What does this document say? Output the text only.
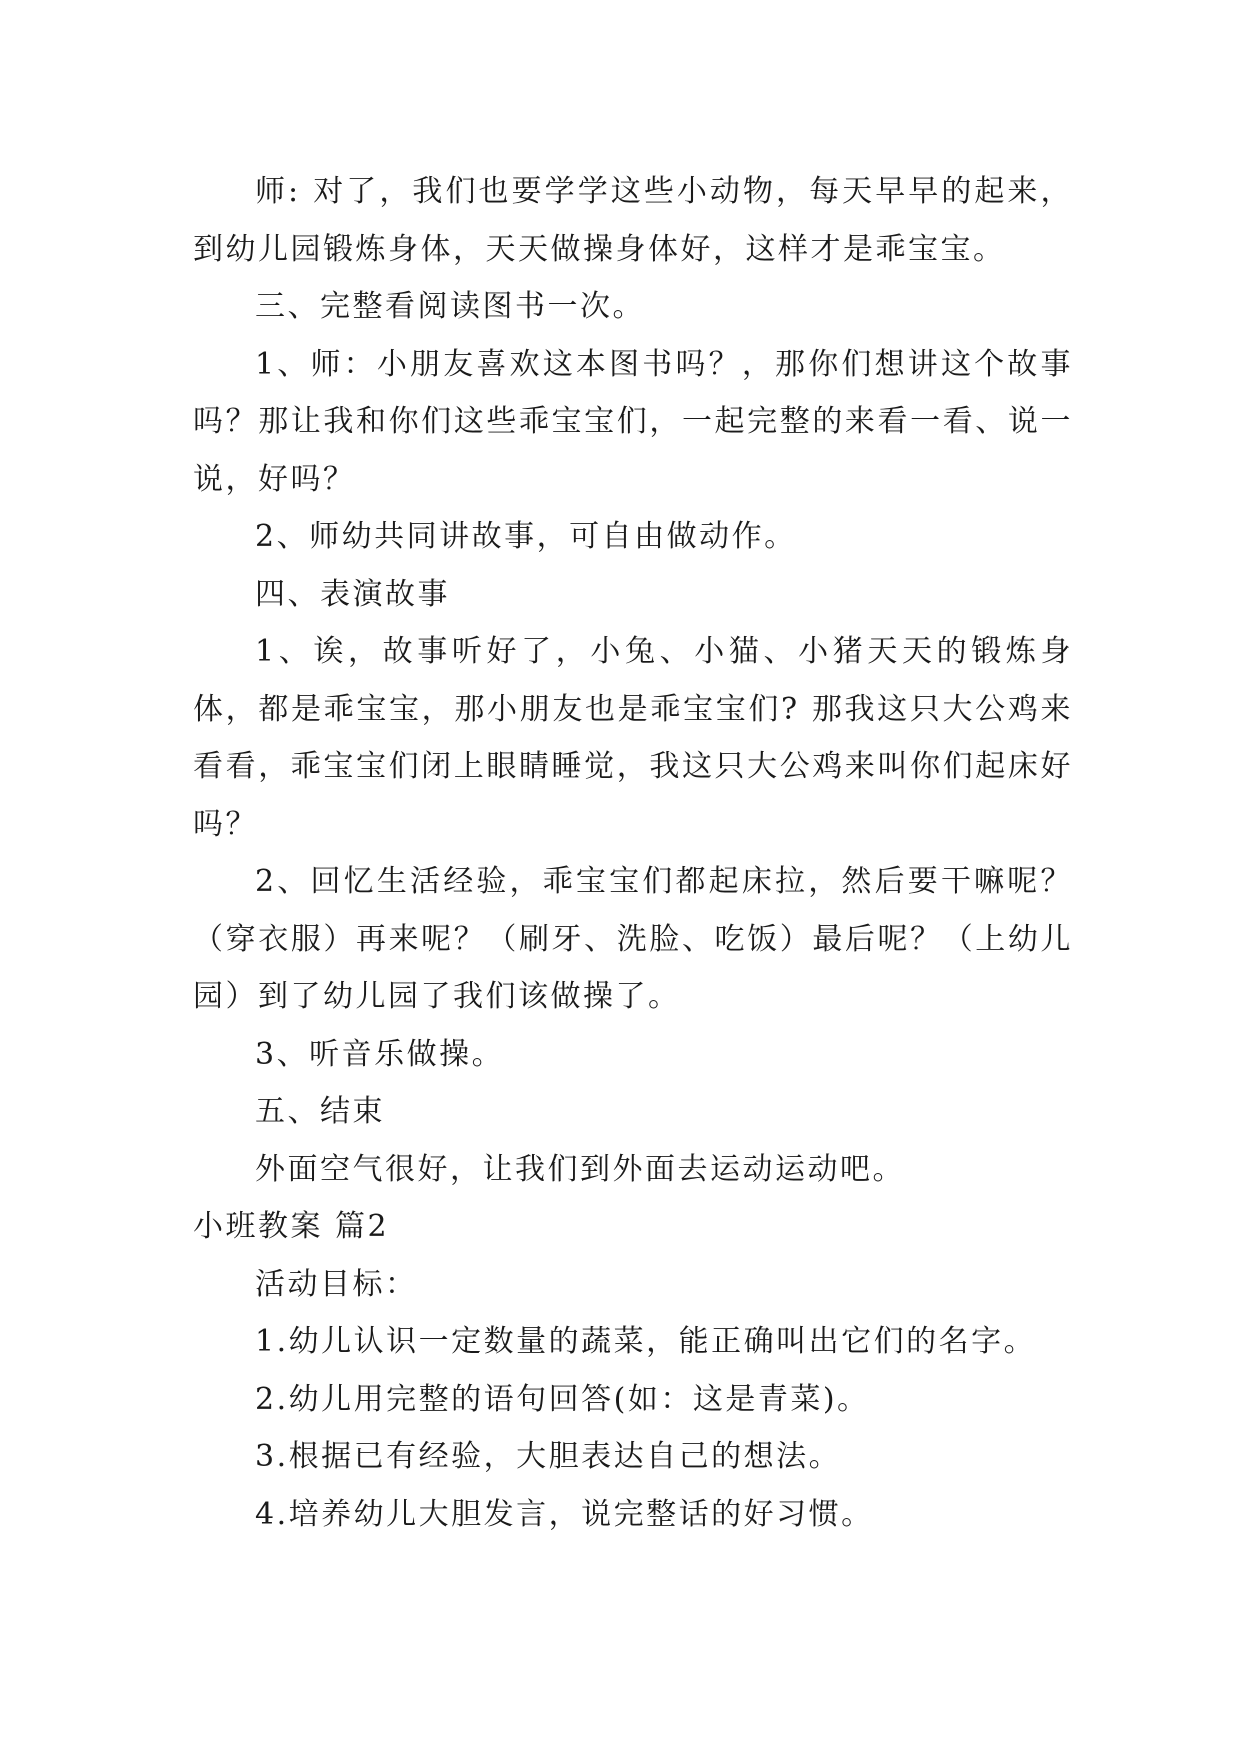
师: 对了，我们也要学学这些小动物，每天早早的起来，到幼儿园锻炼身体，天天做操身体好，这样才是乖宝宝。

三、完整看阅读图书一次。

1、师：小朋友喜欢这本图书吗？，那你们想讲这个故事吗？那让我和你们这些乖宝宝们，一起完整的来看一看、说一说，好吗？

2、师幼共同讲故事，可自由做动作。

四、表演故事

1、诶，故事听好了，小兔、小猫、小猪天天的锻炼身体，都是乖宝宝，那小朋友也是乖宝宝们? 那我这只大公鸡来看看，乖宝宝们闭上眼睛睡觉，我这只大公鸡来叫你们起床好吗？

2、回忆生活经验，乖宝宝们都起床拉，然后要干嘛呢？（穿衣服）再来呢？（刷牙、洗脸、吃饭）最后呢？（上幼儿园）到了幼儿园了我们该做操了。

3、听音乐做操。

五、结束

外面空气很好，让我们到外面去运动运动吧。

小班教案 篇2

活动目标：

1.幼儿认识一定数量的蔬菜，能正确叫出它们的名字。

2.幼儿用完整的语句回答(如：这是青菜)。

3.根据已有经验，大胆表达自己的想法。

4.培养幼儿大胆发言，说完整话的好习惯。
